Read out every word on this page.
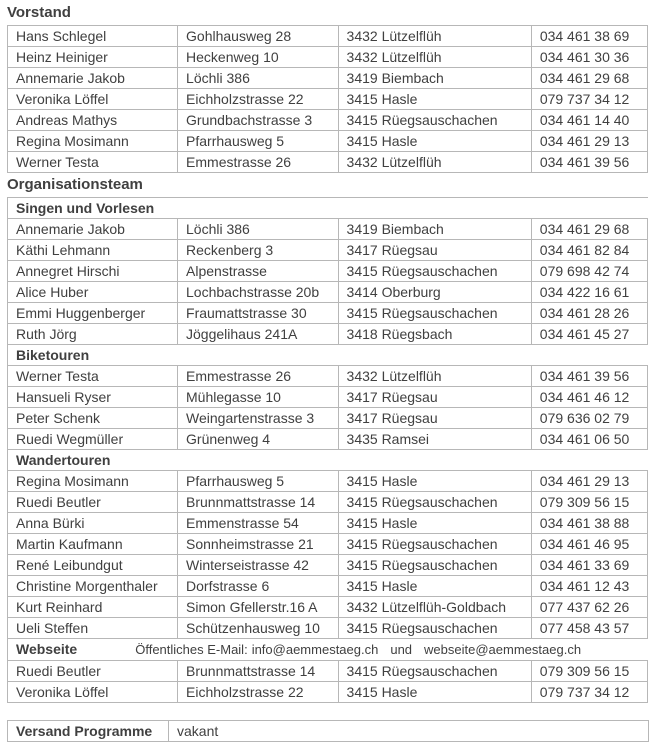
Vorstand
Hans Schlegel	Gohlhausweg 28	3432 Lützelflüh	034 461 38 69
Heinz Heiniger	Heckenweg 10	3432 Lützelflüh	034 461 30 36
Annemarie Jakob	Löchli 386	3419 Biembach	034 461 29 68
Veronika Löffel	Eichholzstrasse 22	3415 Hasle	079 737 34 12
Andreas Mathys	Grundbachstrasse 3	3415 Rüegsauschachen	034 461 14 40
Regina Mosimann	Pfarrhausweg 5	3415 Hasle	034 461 29 13
Werner Testa	Emmestrasse 26	3432 Lützelflüh	034 461 39 56
Organisationsteam
Singen und Vorlesen			
Annemarie Jakob	Löchli 386	3419 Biembach	034 461 29 68
Käthi Lehmann	Reckenberg 3	3417 Rüegsau	034 461 82 84
Annegret Hirschi	Alpenstrasse	3415 Rüegsauschachen	079 698 42 74
Alice Huber	Lochbachstrasse 20b	3414 Oberburg	034 422 16 61
Emmi Huggenberger	Fraumattstrasse 30	3415 Rüegsauschachen	034 461 28 26
Ruth Jörg	Jöggelihaus 241A	3418 Rüegsbach	034 461 45 27
Biketouren			
Werner Testa	Emmestrasse 26	3432 Lützelflüh	034 461 39 56
Hansueli Ryser	Mühlegasse 10	3417 Rüegsau	034 461 46 12
Peter Schenk	Weingartenstrasse 3	3417 Rüegsau	079 636 02 79
Ruedi Wegmüller	Grünenweg 4	3435 Ramsei	034 461 06 50
Wandertouren			
Regina Mosimann	Pfarrhausweg 5	3415 Hasle	034 461 29 13
Ruedi Beutler	Brunnmattstrasse 14	3415 Rüegsauschachen	079 309 56 15
Anna Bürki	Emmenstrasse 54	3415 Hasle	034 461 38 88
Martin Kaufmann	Sonnheimstrasse 21	3415 Rüegsauschachen	034 461 46 95
René Leibundgut	Winterseistrasse 42	3415 Rüegsauschachen	034 461 33 69
Christine Morgenthaler	Dorfstrasse 6	3415 Hasle	034 461 12 43
Kurt Reinhard	Simon Gfellerstr.16 A	3432 Lützelflüh-Goldbach	077 437 62 26
Ueli Steffen	Schützenhausweg 10	3415 Rüegsauschachen	077 458 43 57
Webseite Öffentliches E-Mail: info@aemmestaeg.ch und webseite@aemmestaeg.ch			
Ruedi Beutler	Brunnmattstrasse 14	3415 Rüegsauschachen	079 309 56 15
Veronika Löffel	Eichholzstrasse 22	3415 Hasle	079 737 34 12
Versand Programme	vakant
